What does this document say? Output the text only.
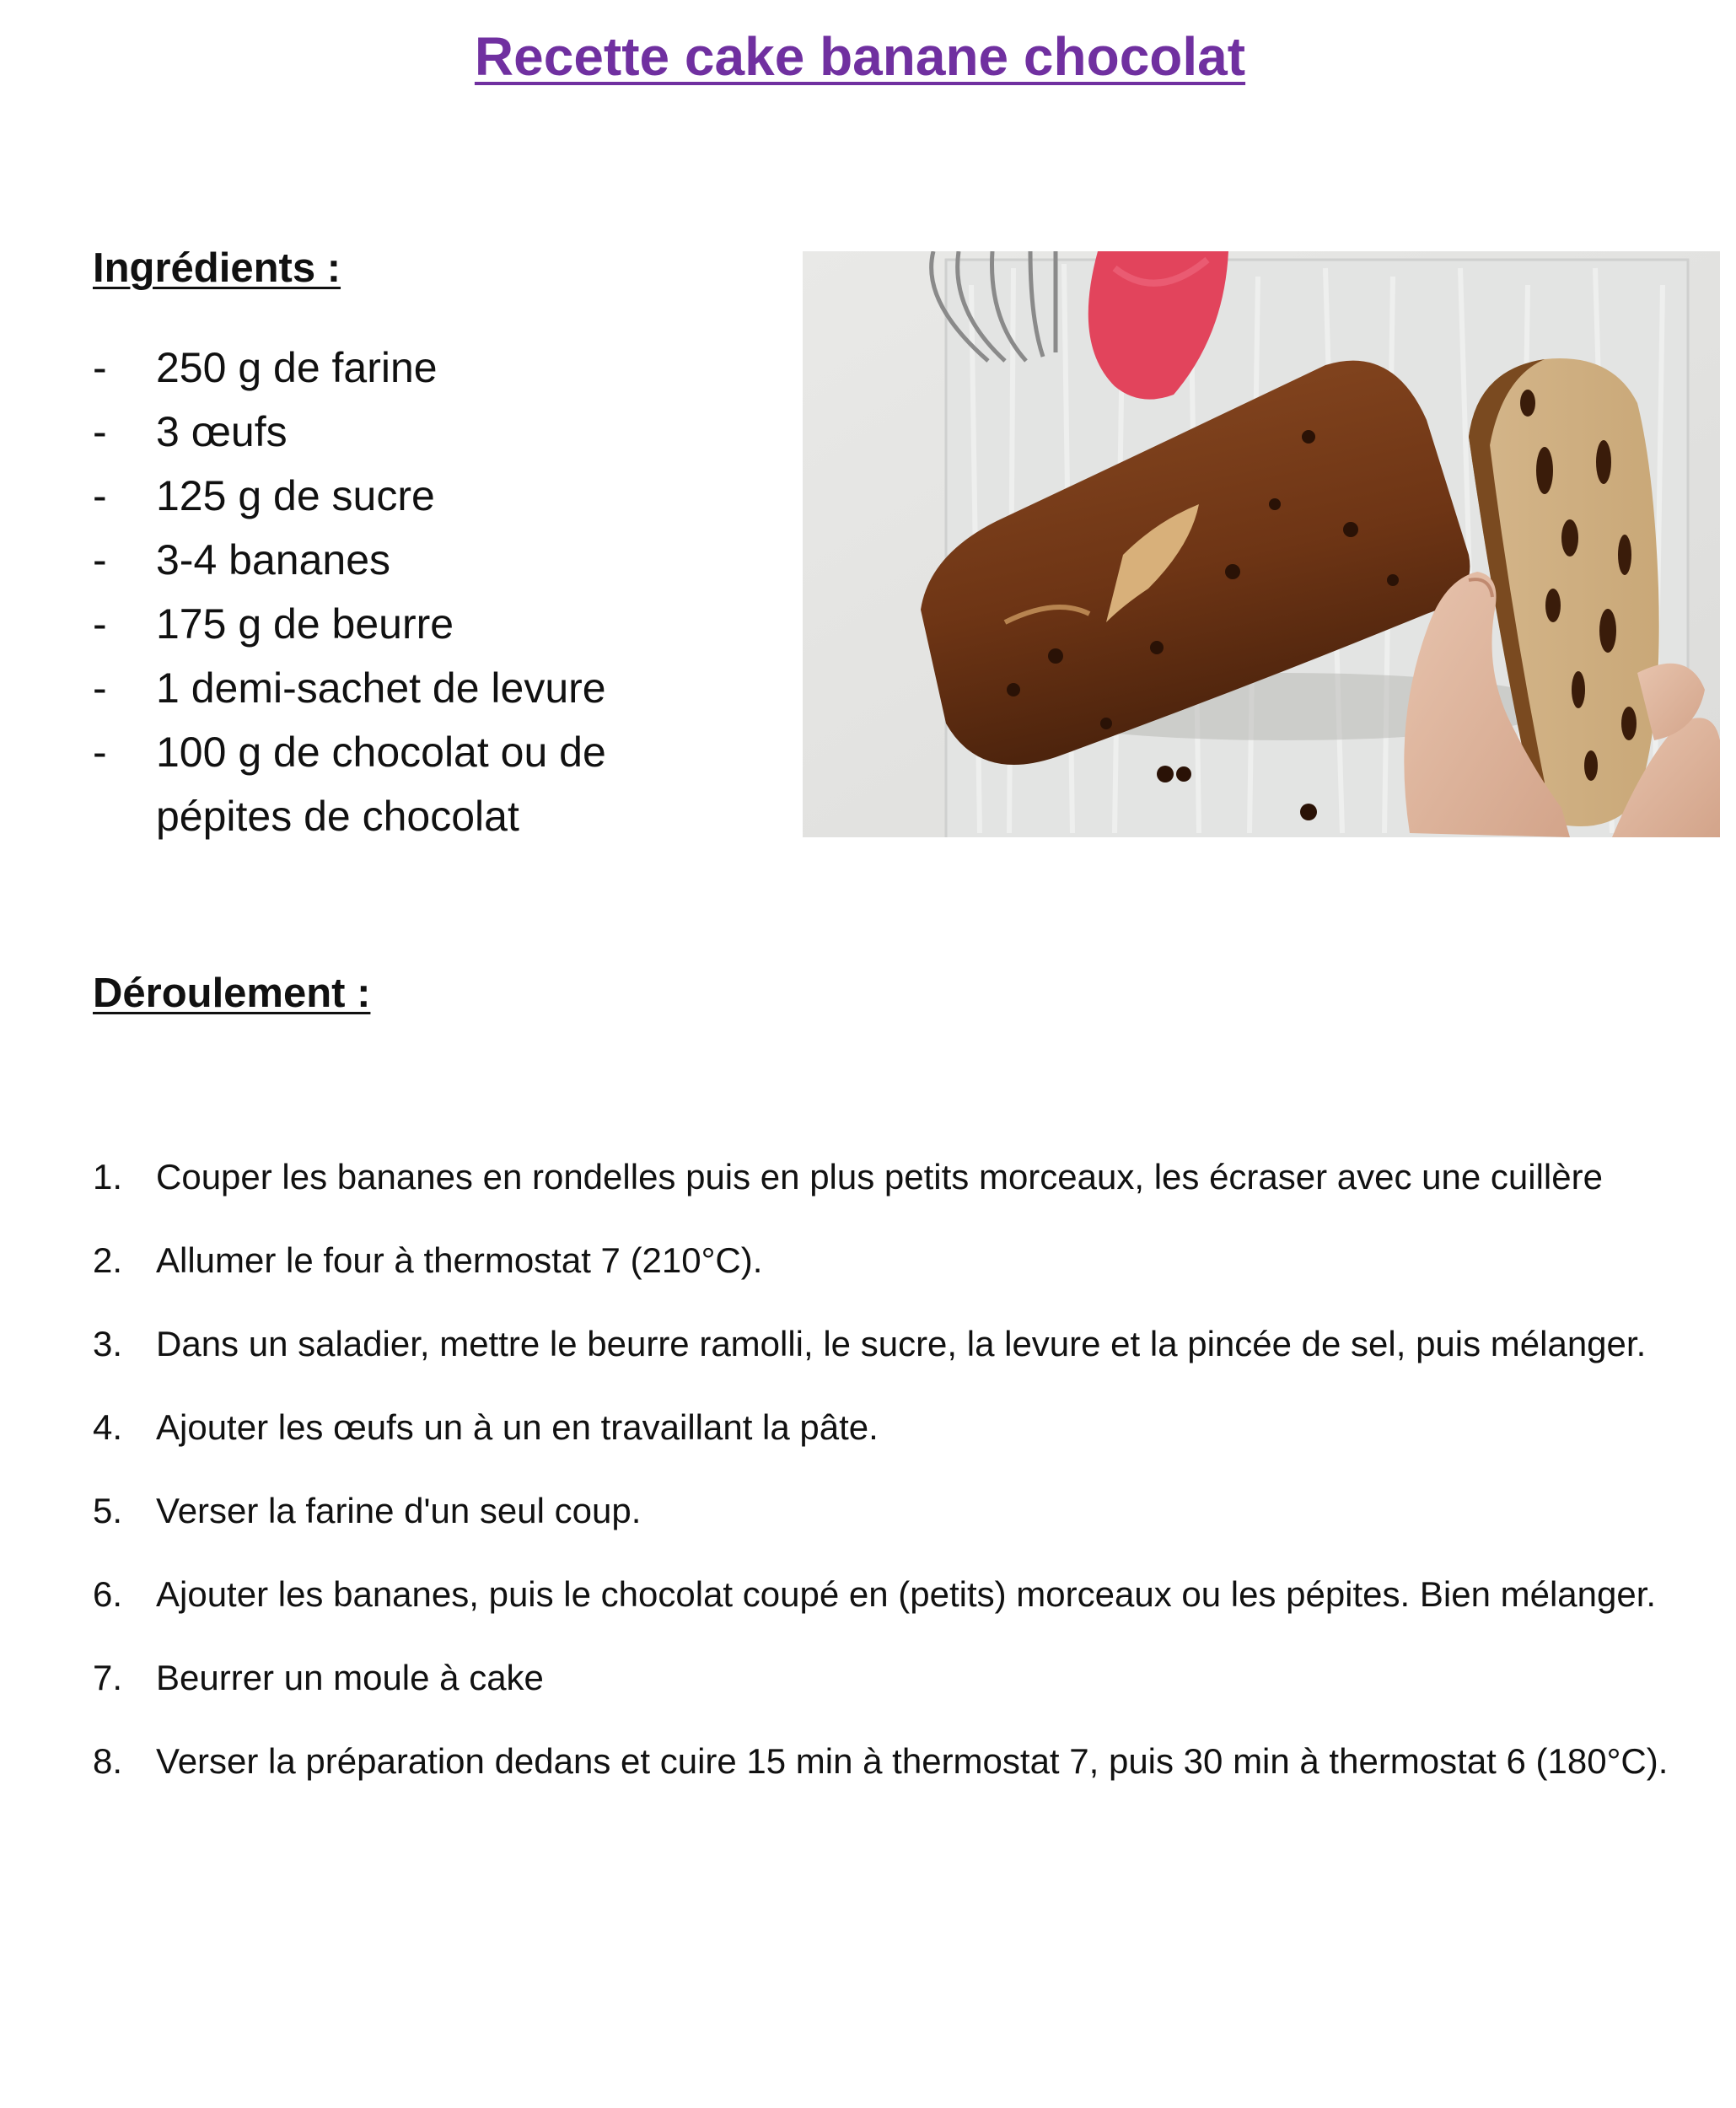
Recette cake banane chocolat
Ingrédients :
- 250 g de farine
- 3 œufs
- 125 g de sucre
- 3-4 bananes
- 175 g de beurre
- 1 demi-sachet de levure
- 100 g de chocolat ou de pépites de chocolat
Déroulement :
1. Couper les bananes en rondelles puis en plus petits morceaux, les écraser avec une cuillère
2. Allumer le four à thermostat 7 (210°C).
3. Dans un saladier, mettre le beurre ramolli, le sucre, la levure et la pincée de sel, puis mélanger.
4. Ajouter les œufs un à un en travaillant la pâte.
5. Verser la farine d'un seul coup.
6. Ajouter les bananes, puis le chocolat coupé en (petits) morceaux ou les pépites. Bien mélanger.
7. Beurrer un moule à cake
8. Verser la préparation dedans et cuire 15 min à thermostat 7, puis 30 min à thermostat 6 (180°C).
